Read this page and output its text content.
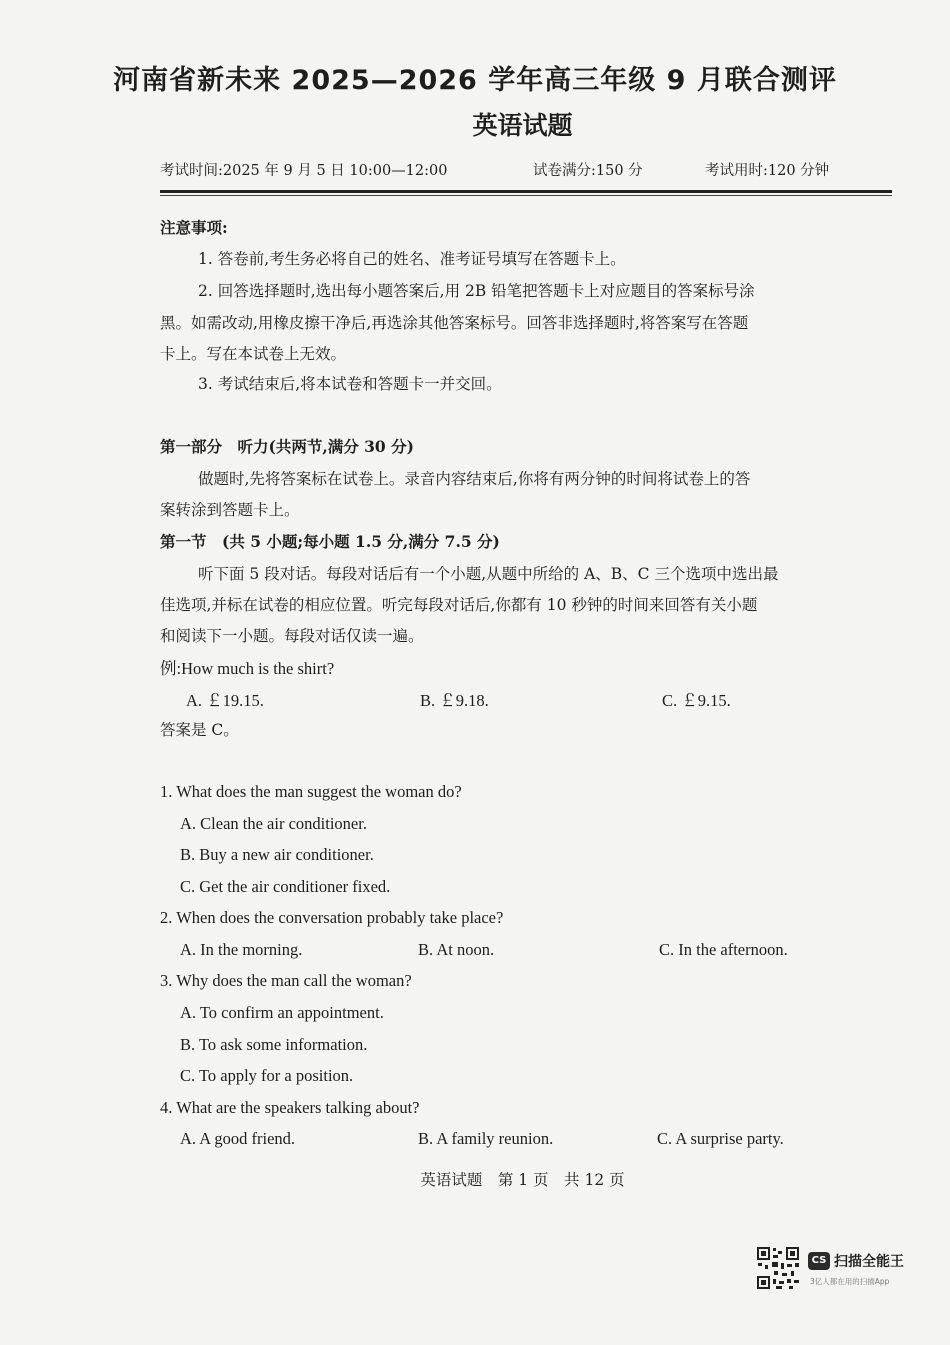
河南省新未来 2025—2026 学年高三年级 9 月联合测评
英语试题
考试时间:2025 年 9 月 5 日 10:00—12:00	试卷满分:150 分	考试用时:120 分钟
注意事项:
1. 答卷前,考生务必将自己的姓名、准考证号填写在答题卡上。
2. 回答选择题时,选出每小题答案后,用 2B 铅笔把答题卡上对应题目的答案标号涂
黑。如需改动,用橡皮擦干净后,再选涂其他答案标号。回答非选择题时,将答案写在答题
卡上。写在本试卷上无效。
3. 考试结束后,将本试卷和答题卡一并交回。
第一部分　听力(共两节,满分 30 分)
做题时,先将答案标在试卷上。录音内容结束后,你将有两分钟的时间将试卷上的答
案转涂到答题卡上。
第一节　(共 5 小题;每小题 1.5 分,满分 7.5 分)
听下面 5 段对话。每段对话后有一个小题,从题中所给的 A、B、C 三个选项中选出最
佳选项,并标在试卷的相应位置。听完每段对话后,你都有 10 秒钟的时间来回答有关小题
和阅读下一小题。每段对话仅读一遍。
例:How much is the shirt?
A. ￡19.15.	B. ￡9.18.	C. ￡9.15.
答案是 C。
1. What does the man suggest the woman do?
A. Clean the air conditioner.
B. Buy a new air conditioner.
C. Get the air conditioner fixed.
2. When does the conversation probably take place?
A. In the morning.	B. At noon.	C. In the afternoon.
3. Why does the man call the woman?
A. To confirm an appointment.
B. To ask some information.
C. To apply for a position.
4. What are the speakers talking about?
A. A good friend.	B. A family reunion.	C. A surprise party.
英语试题　第 1 页　共 12 页
CS 扫描全能王
3亿人都在用的扫描App
